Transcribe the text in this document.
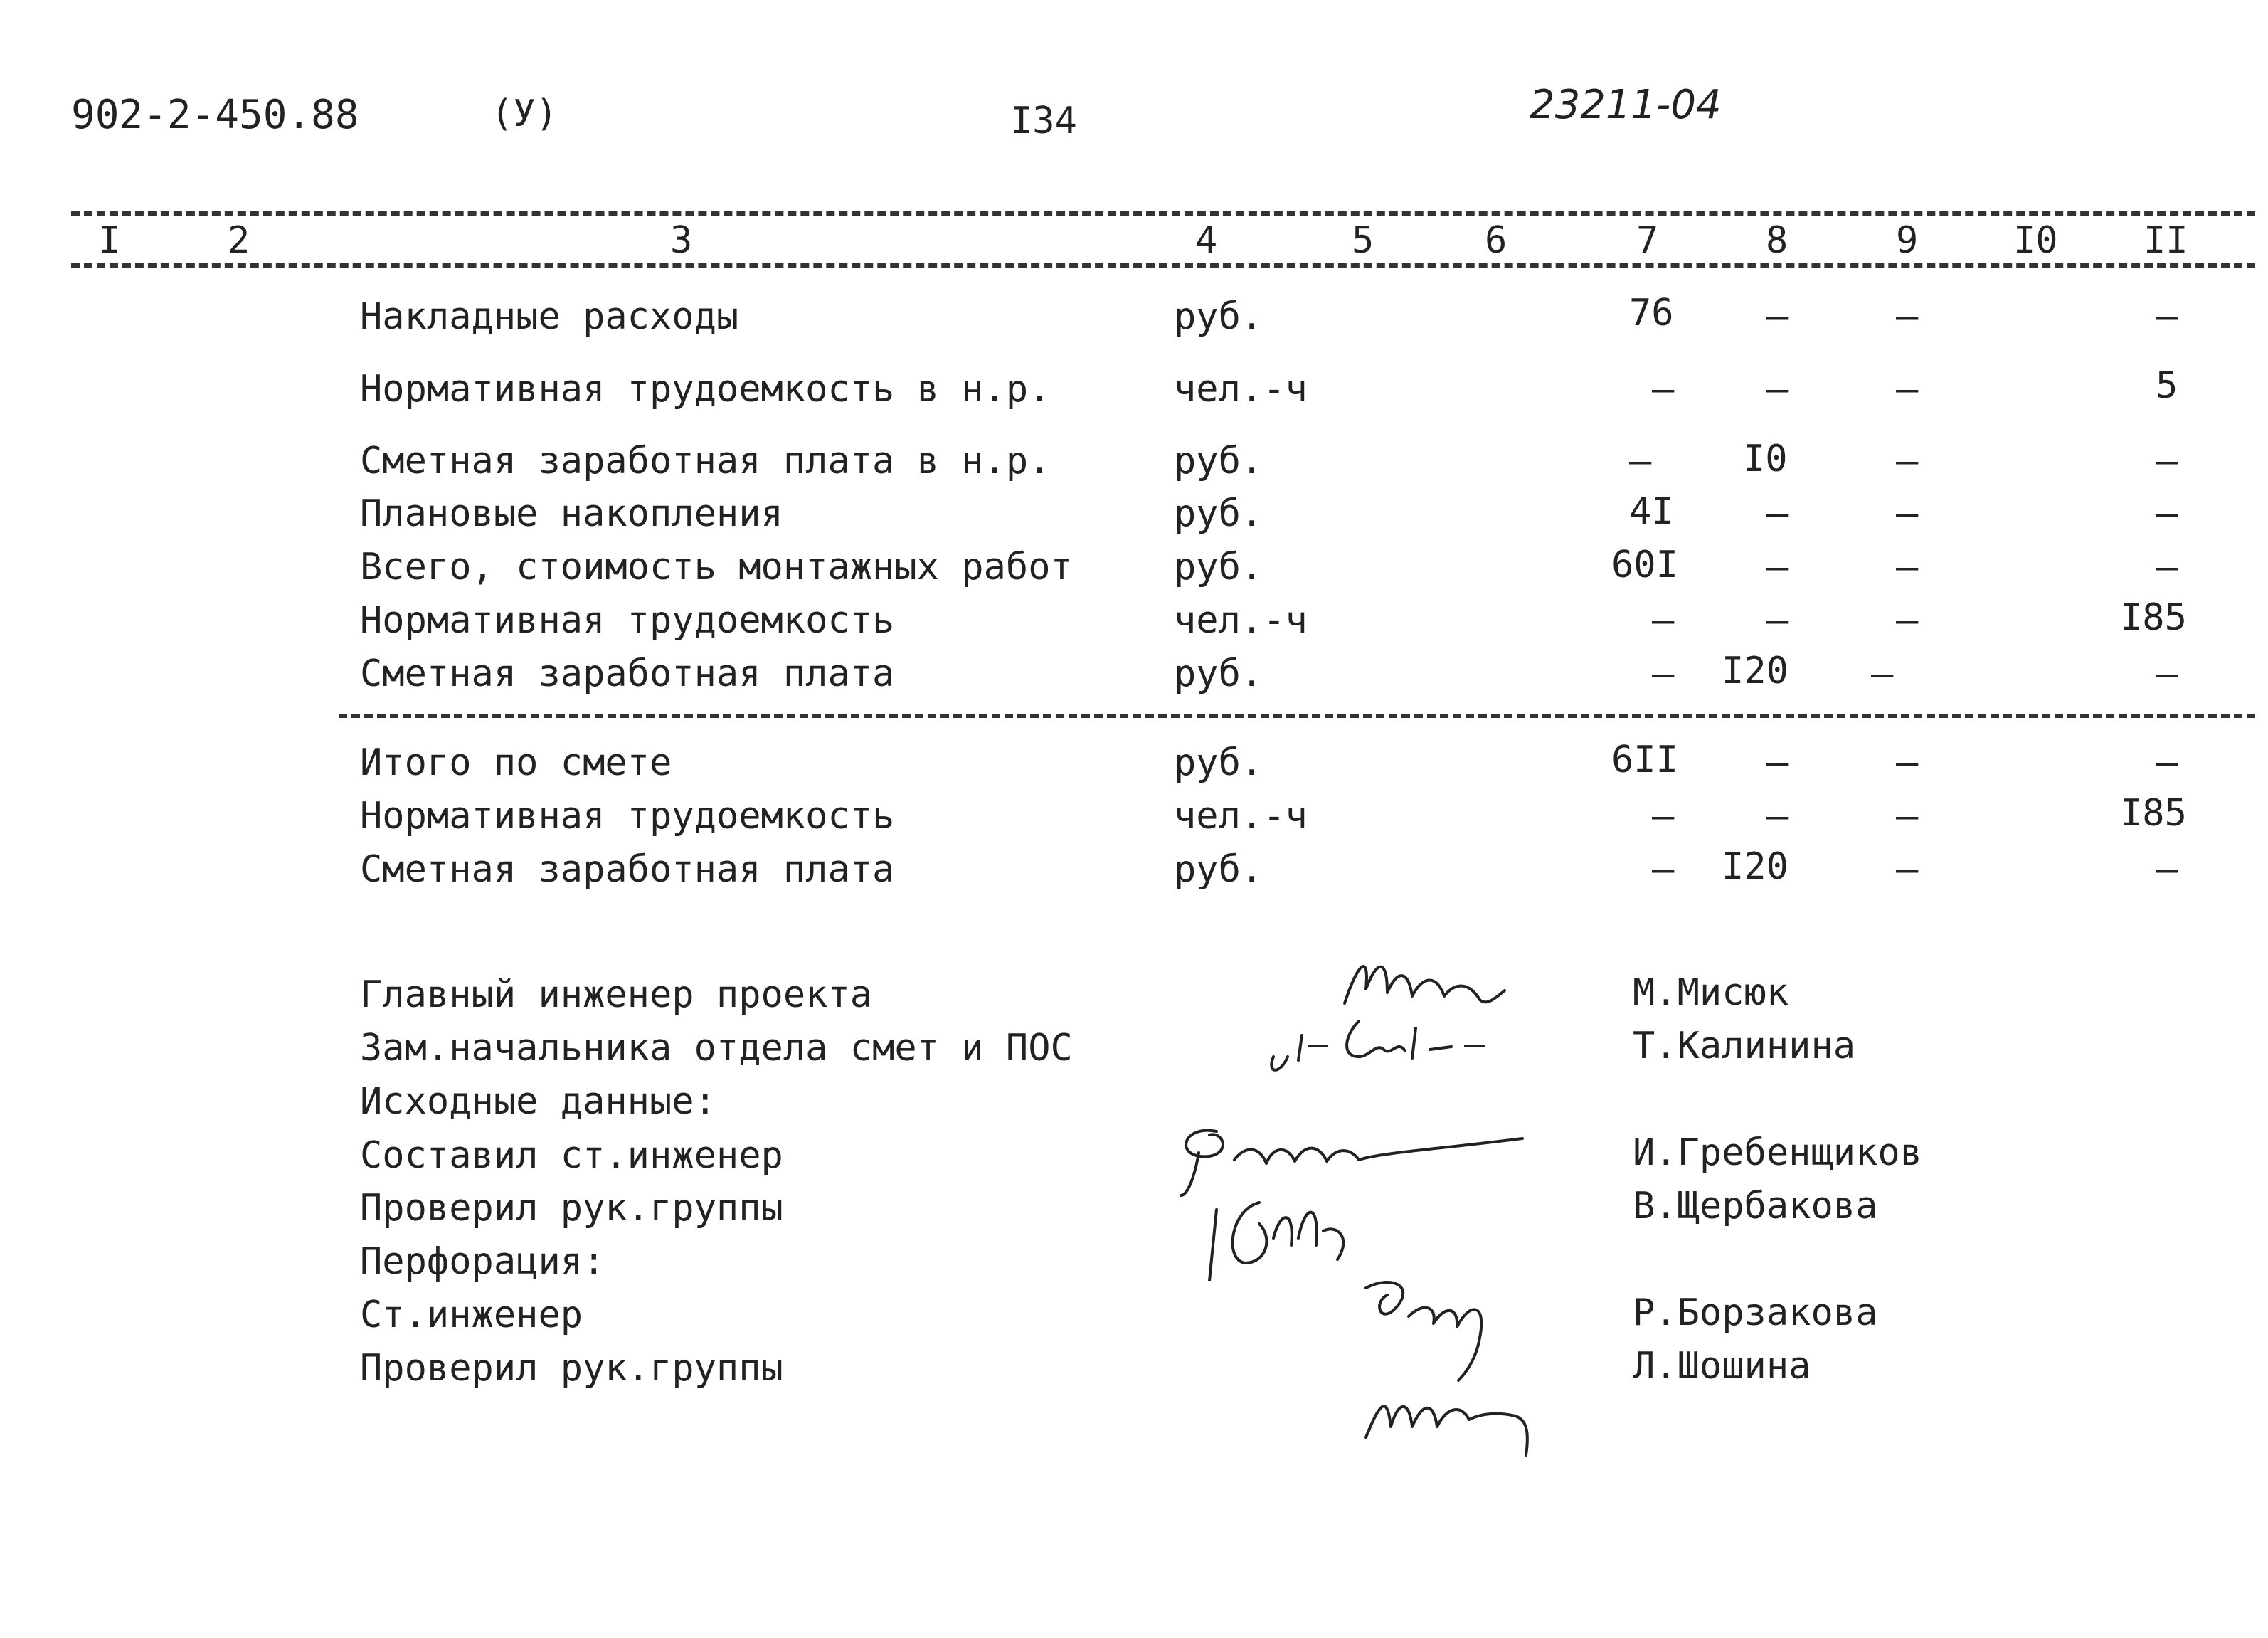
902-2-450.88	(У)	I34	23211-04
I	2	3	4	5	6	7	8	9	I0 II
Накладные расходы	руб.	76 –	–	–
Нормативная трудоемкость в н.р.	чел.-ч	– –	–	5
Сметная заработная плата в н.р.	руб.	– I0	–	–
Плановые накопления	руб.	4I –	–	–
Всего, стоимость монтажных работ	руб.	60I –	–	–
Нормативная трудоемкость	чел.-ч	– –	–	I85
Сметная заработная плата	руб.	– I20 –	–
Итого по смете	руб.	6II –	–	–
Нормативная трудоемкость	чел.-ч	– –	–	I85
Сметная заработная плата	руб.	– I20	–	–
Главный инженер проекта	М.Мисюк
Зам.начальника отдела смет и ПОС	Т.Калинина
Исходные данные:
Составил ст.инженер	И.Гребенщиков
Проверил рук.группы	В.Щербакова
Перфорация:
Ст.инженер	Р.Борзакова
Проверил рук.группы	Л.Шошина
